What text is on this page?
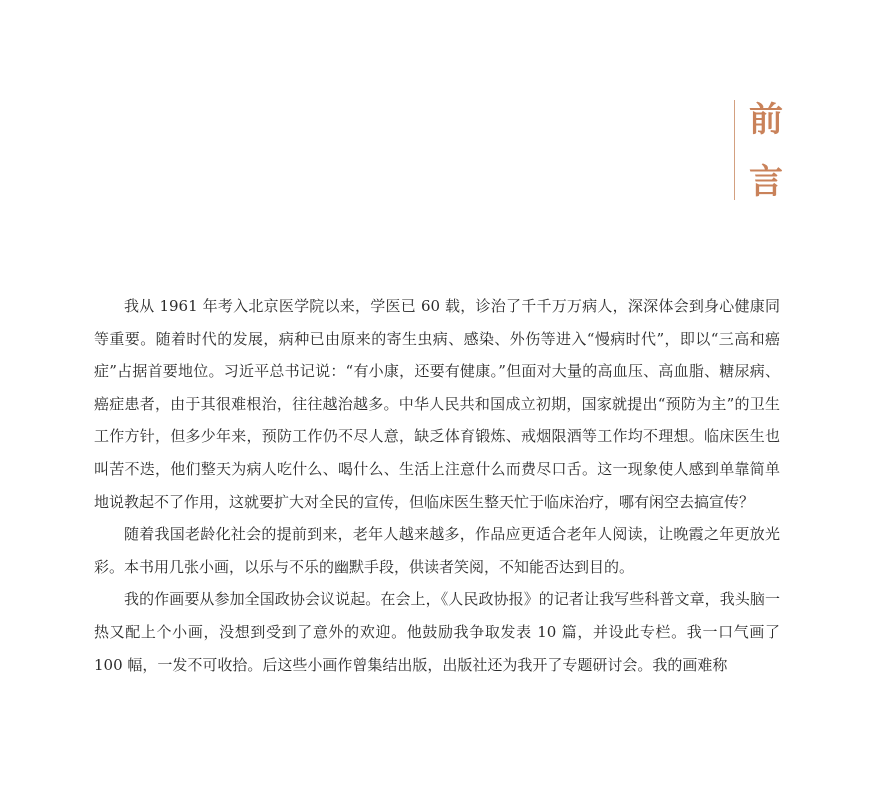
前
言

我从 1961 年考入北京医学院以来，学医已 60 载，诊治了千千万万病人，深深体会到身心健康同等重要。随着时代的发展，病种已由原来的寄生虫病、感染、外伤等进入“慢病时代”，即以“三高和癌症”占据首要地位。习近平总书记说：“有小康，还要有健康。”但面对大量的高血压、高血脂、糖尿病、癌症患者，由于其很难根治，往往越治越多。中华人民共和国成立初期，国家就提出“预防为主”的卫生工作方针，但多少年来，预防工作仍不尽人意，缺乏体育锻炼、戒烟限酒等工作均不理想。临床医生也叫苦不迭，他们整天为病人吃什么、喝什么、生活上注意什么而费尽口舌。这一现象使人感到单靠简单地说教起不了作用，这就要扩大对全民的宣传，但临床医生整天忙于临床治疗，哪有闲空去搞宣传？

随着我国老龄化社会的提前到来，老年人越来越多，作品应更适合老年人阅读，让晚霞之年更放光彩。本书用几张小画，以乐与不乐的幽默手段，供读者笑阅，不知能否达到目的。

我的作画要从参加全国政协会议说起。在会上，《人民政协报》的记者让我写些科普文章，我头脑一热又配上个小画，没想到受到了意外的欢迎。他鼓励我争取发表 10 篇，并设此专栏。我一口气画了 100 幅，一发不可收拾。后这些小画作曾集结出版，出版社还为我开了专题研讨会。我的画难称
